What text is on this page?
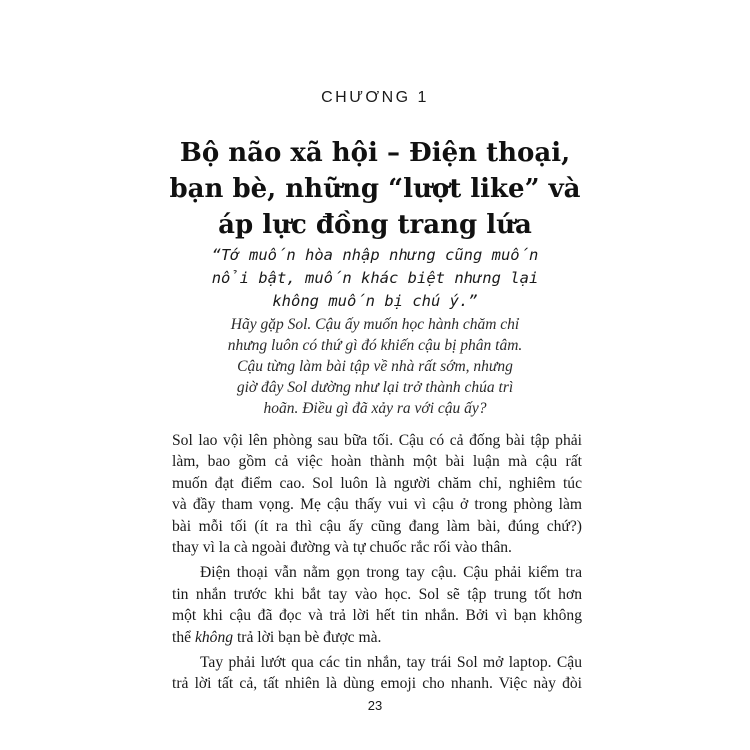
CHƯƠNG 1
Bộ não xã hội – Điện thoại,
bạn bè, những “lượt like” và
áp lực đồng trang lứa
“Tớ muốn hòa nhập nhưng cũng muốn
nổi bật, muốn khác biệt nhưng lại
không muốn bị chú ý.”
Hãy gặp Sol. Cậu ấy muốn học hành chăm chỉ
nhưng luôn có thứ gì đó khiến cậu bị phân tâm.
Cậu từng làm bài tập về nhà rất sớm, nhưng
giờ đây Sol dường như lại trở thành chúa trì
hoãn. Điều gì đã xảy ra với cậu ấy?
Sol lao vội lên phòng sau bữa tối. Cậu có cả đống bài tập phải
làm, bao gồm cả việc hoàn thành một bài luận mà cậu rất
muốn đạt điểm cao. Sol luôn là người chăm chỉ, nghiêm túc
và đầy tham vọng. Mẹ cậu thấy vui vì cậu ở trong phòng làm
bài mỗi tối (ít ra thì cậu ấy cũng đang làm bài, đúng chứ?)
thay vì la cà ngoài đường và tự chuốc rắc rối vào thân.
Điện thoại vẫn nằm gọn trong tay cậu. Cậu phải kiểm tra
tin nhắn trước khi bắt tay vào học. Sol sẽ tập trung tốt hơn
một khi cậu đã đọc và trả lời hết tin nhắn. Bởi vì bạn không
thể không trả lời bạn bè được mà.
Tay phải lướt qua các tin nhắn, tay trái Sol mở laptop. Cậu
trả lời tất cả, tất nhiên là dùng emoji cho nhanh. Việc này đòi
23
